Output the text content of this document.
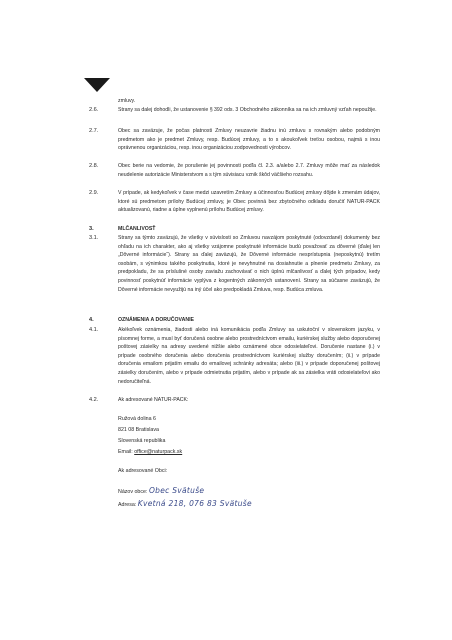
zmluvy.
2.6.	Strany sa dalej dohodli, že ustanovenie § 392 ods. 3 Obchodného zákonníka sa na ich zmluvný vzťah nepoužije.
2.7.	Obec sa zaväzuje, že počas platnosti Zmluvy neuzavrie žiadnu inú zmluvu s rovnakým alebo podobným predmetom ako je predmet Zmluvy, resp. Budúcej zmluvy, a to s akoukoľvek treťou osobou, najmä s inou oprávnenou organizáciou, resp. inou organizáciou zodpovednosti výrobcov.
2.8.	Obec berie na vedomie, že porušenie jej povinnosti podľa čl. 2.3. a/alebo 2.7. Zmluvy môže mať za následok neudelenie autorizácie Ministerstvom a s tým súvisiacu vznik škôd väčšieho rozsahu.
2.9.	V prípade, ak kedykoľvek v čase medzi uzavretím Zmluvy a účinnosťou Budúcej zmluvy dôjde k zmenám údajov, ktoré sú predmetom prílohy Budúcej zmluvy, je Obec povinná bez zbytočného odkladu doručiť NATUR-PACK aktualizovanú, riadne a úplne vyplnenú prílohu Budúcej zmluvy.
3.	MLČANLIVOSŤ
3.1.	Strany sa týmto zaväzujú, že všetky v súvislosti so Zmluvou navzájom poskytnuté (odovzdané) dokumenty bez ohľadu na ich charakter, ako aj všetky vzájomne poskytnuté informácie budú považovať za dôverné (ďalej len „Dôverné informácie“). Strany sa ďalej zaväzujú, že Dôverné informácie nesprístupnia (neposkytnú) tretím osobám, s výnimkou takého poskytnutia, ktoré je nevyhnutné na dosiahnutie a plnenie predmetu Zmluvy, za predpokladu, že sa príslušné osoby zaviažu zachovávať o nich úplnú mlčanlivosť a ďalej tých prípadov, kedy povinnosť poskytnúť informácie vyplýva z kogentných zákonných ustanovení. Strany sa súčasne zaväzujú, že Dôverné informácie nevyužijú na iný účel ako predpokladá Zmluva, resp. Budúca zmluva.
4.	OZNÁMENIA A DORUČOVANIE
4.1.	Akékoľvek oznámenia, žiadosti alebo iná komunikácia podľa Zmluvy sa uskutoční v slovenskom jazyku, v písomnej forme, a musí byť doručená osobne alebo prostredníctvom emailu, kuriérskej služby alebo doporučenej poštovej zásielky na adresy uvedené nižšie alebo oznámené obce odosielateľovi. Doručenie nastane (i.) v prípade osobného doručenia alebo doručenia prostredníctvom kuriérskej služby doručením; (ii.) v prípade doručenia emailom prijatím emailu do emailovej schránky adresáta; alebo (iii.) v prípade doporučenej poštovej zásielky doručením, alebo v prípade odmietnutia prijatím, alebo v prípade ak sa zásielka vráti odosielateľovi ako nedoručiteľná.
4.2.	Ak adresované NATUR-PACK:
Ružová dolina 6
821 08 Bratislava
Slovenská republika
Email: office@naturpack.sk
Ak adresované Obci:
Názov obce: Obec Svätuše
Adresa: Kvetná 218, 076 83 Svätuše
